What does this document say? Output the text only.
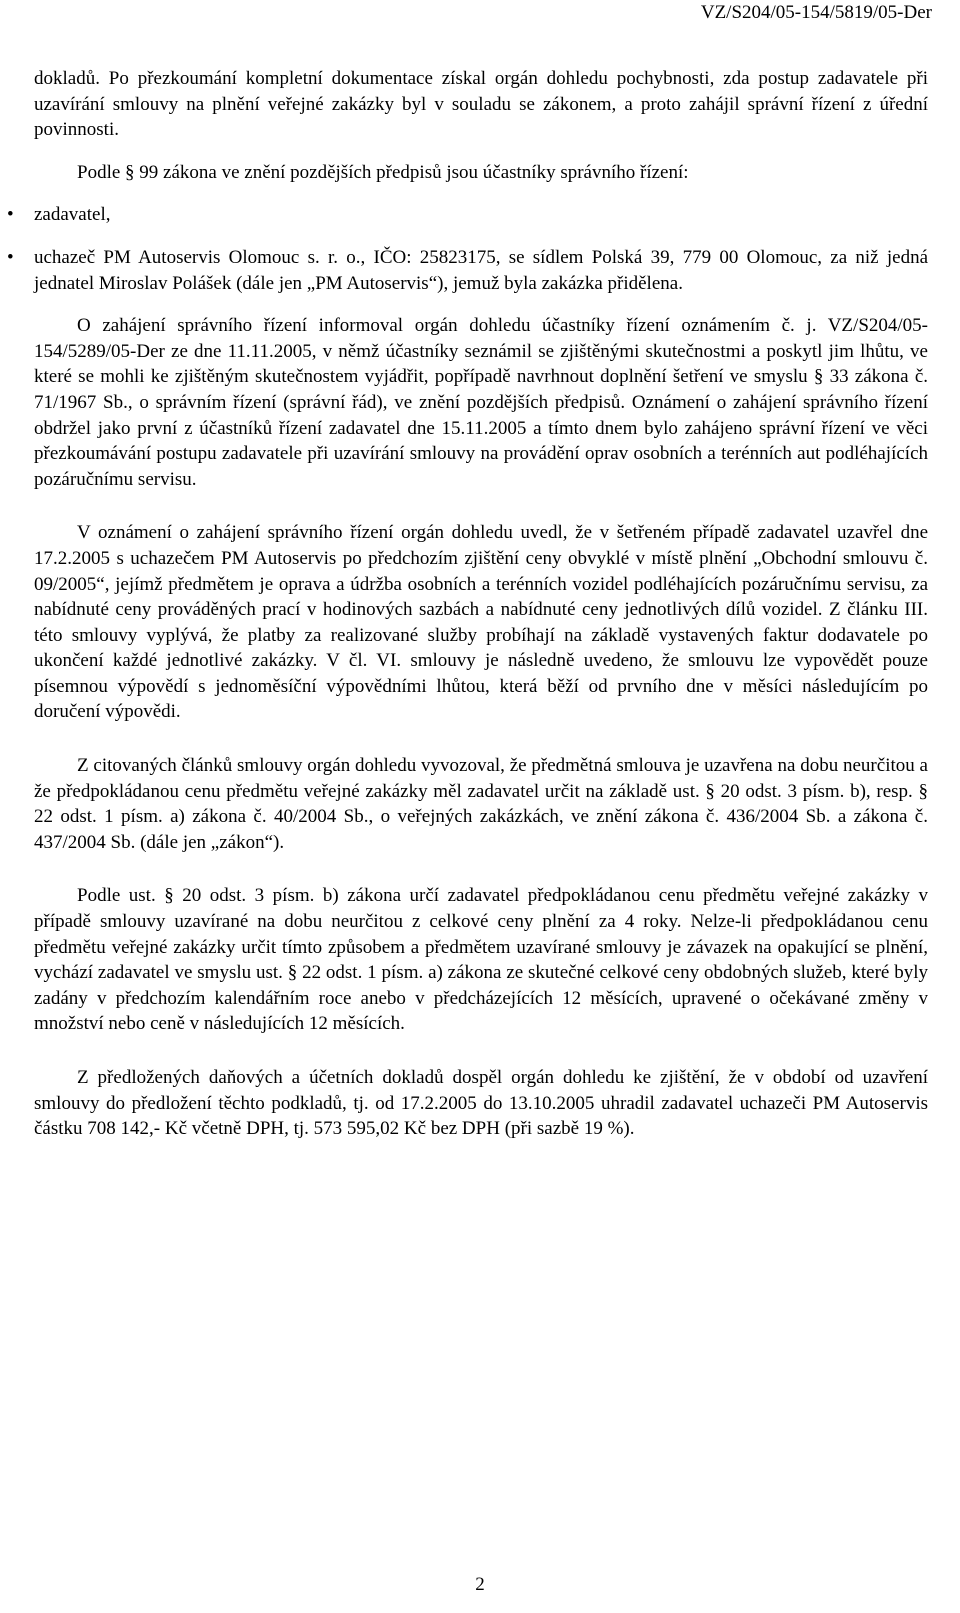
VZ/S204/05-154/5819/05-Der

dokladů. Po přezkoumání kompletní dokumentace získal orgán dohledu pochybnosti, zda postup zadavatele při uzavírání smlouvy na plnění veřejné zakázky byl v souladu se zákonem, a proto zahájil správní řízení z úřední povinnosti.

Podle § 99 zákona ve znění pozdějších předpisů jsou účastníky správního řízení:

• zadavatel,
• uchazeč PM Autoservis Olomouc s. r. o., IČO: 25823175, se sídlem Polská 39, 779 00 Olomouc, za niž jedná jednatel Miroslav Polášek (dále jen „PM Autoservis“), jemuž byla zakázka přidělena.

O zahájení správního řízení informoval orgán dohledu účastníky řízení oznámením č. j. VZ/S204/05-154/5289/05-Der ze dne 11.11.2005, v němž účastníky seznámil se zjištěnými skutečnostmi a poskytl jim lhůtu, ve které se mohli ke zjištěným skutečnostem vyjádřit, popřípadě navrhnout doplnění šetření ve smyslu § 33 zákona č. 71/1967 Sb., o správním řízení (správní řád), ve znění pozdějších předpisů. Oznámení o zahájení správního řízení obdržel jako první z účastníků řízení zadavatel dne 15.11.2005 a tímto dnem bylo zahájeno správní řízení ve věci přezkoumávání postupu zadavatele při uzavírání smlouvy na provádění oprav osobních a terénních aut podléhajících pozáručnímu servisu.

V oznámení o zahájení správního řízení orgán dohledu uvedl, že v šetřeném případě zadavatel uzavřel dne 17.2.2005 s uchazečem PM Autoservis po předchozím zjištění ceny obvyklé v místě plnění „Obchodní smlouvu č. 09/2005“, jejímž předmětem je oprava a údržba osobních a terénních vozidel podléhajících pozáručnímu servisu, za nabídnuté ceny prováděných prací v hodinových sazbách a nabídnuté ceny jednotlivých dílů vozidel. Z článku III. této smlouvy vyplývá, že platby za realizované služby probíhají na základě vystavených faktur dodavatele po ukončení každé jednotlivé zakázky. V čl. VI. smlouvy je následně uvedeno, že smlouvu lze vypovědět pouze písemnou výpovědí s jednoměsíční výpovědními lhůtou, která běží od prvního dne v měsíci následujícím po doručení výpovědi.

Z citovaných článků smlouvy orgán dohledu vyvozoval, že předmětná smlouva je uzavřena na dobu neurčitou a že předpokládanou cenu předmětu veřejné zakázky měl zadavatel určit na základě ust. § 20 odst. 3 písm. b), resp. § 22 odst. 1 písm. a) zákona č. 40/2004 Sb., o veřejných zakázkách, ve znění zákona č. 436/2004 Sb. a zákona č. 437/2004 Sb. (dále jen „zákon“).

Podle ust. § 20 odst. 3 písm. b) zákona určí zadavatel předpokládanou cenu předmětu veřejné zakázky v případě smlouvy uzavírané na dobu neurčitou z celkové ceny plnění za 4 roky. Nelze-li předpokládanou cenu předmětu veřejné zakázky určit tímto způsobem a předmětem uzavírané smlouvy je závazek na opakující se plnění, vychází zadavatel ve smyslu ust. § 22 odst. 1 písm. a) zákona ze skutečné celkové ceny obdobných služeb, které byly zadány v předchozím kalendářním roce anebo v předcházejících 12 měsících, upravené o očekávané změny v množství nebo ceně v následujících 12 měsících.

Z předložených daňových a účetních dokladů dospěl orgán dohledu ke zjištění, že v období od uzavření smlouvy do předložení těchto podkladů, tj. od 17.2.2005 do 13.10.2005 uhradil zadavatel uchazeči PM Autoservis částku 708 142,- Kč včetně DPH, tj. 573 595,02 Kč bez DPH (při sazbě 19 %).

2
